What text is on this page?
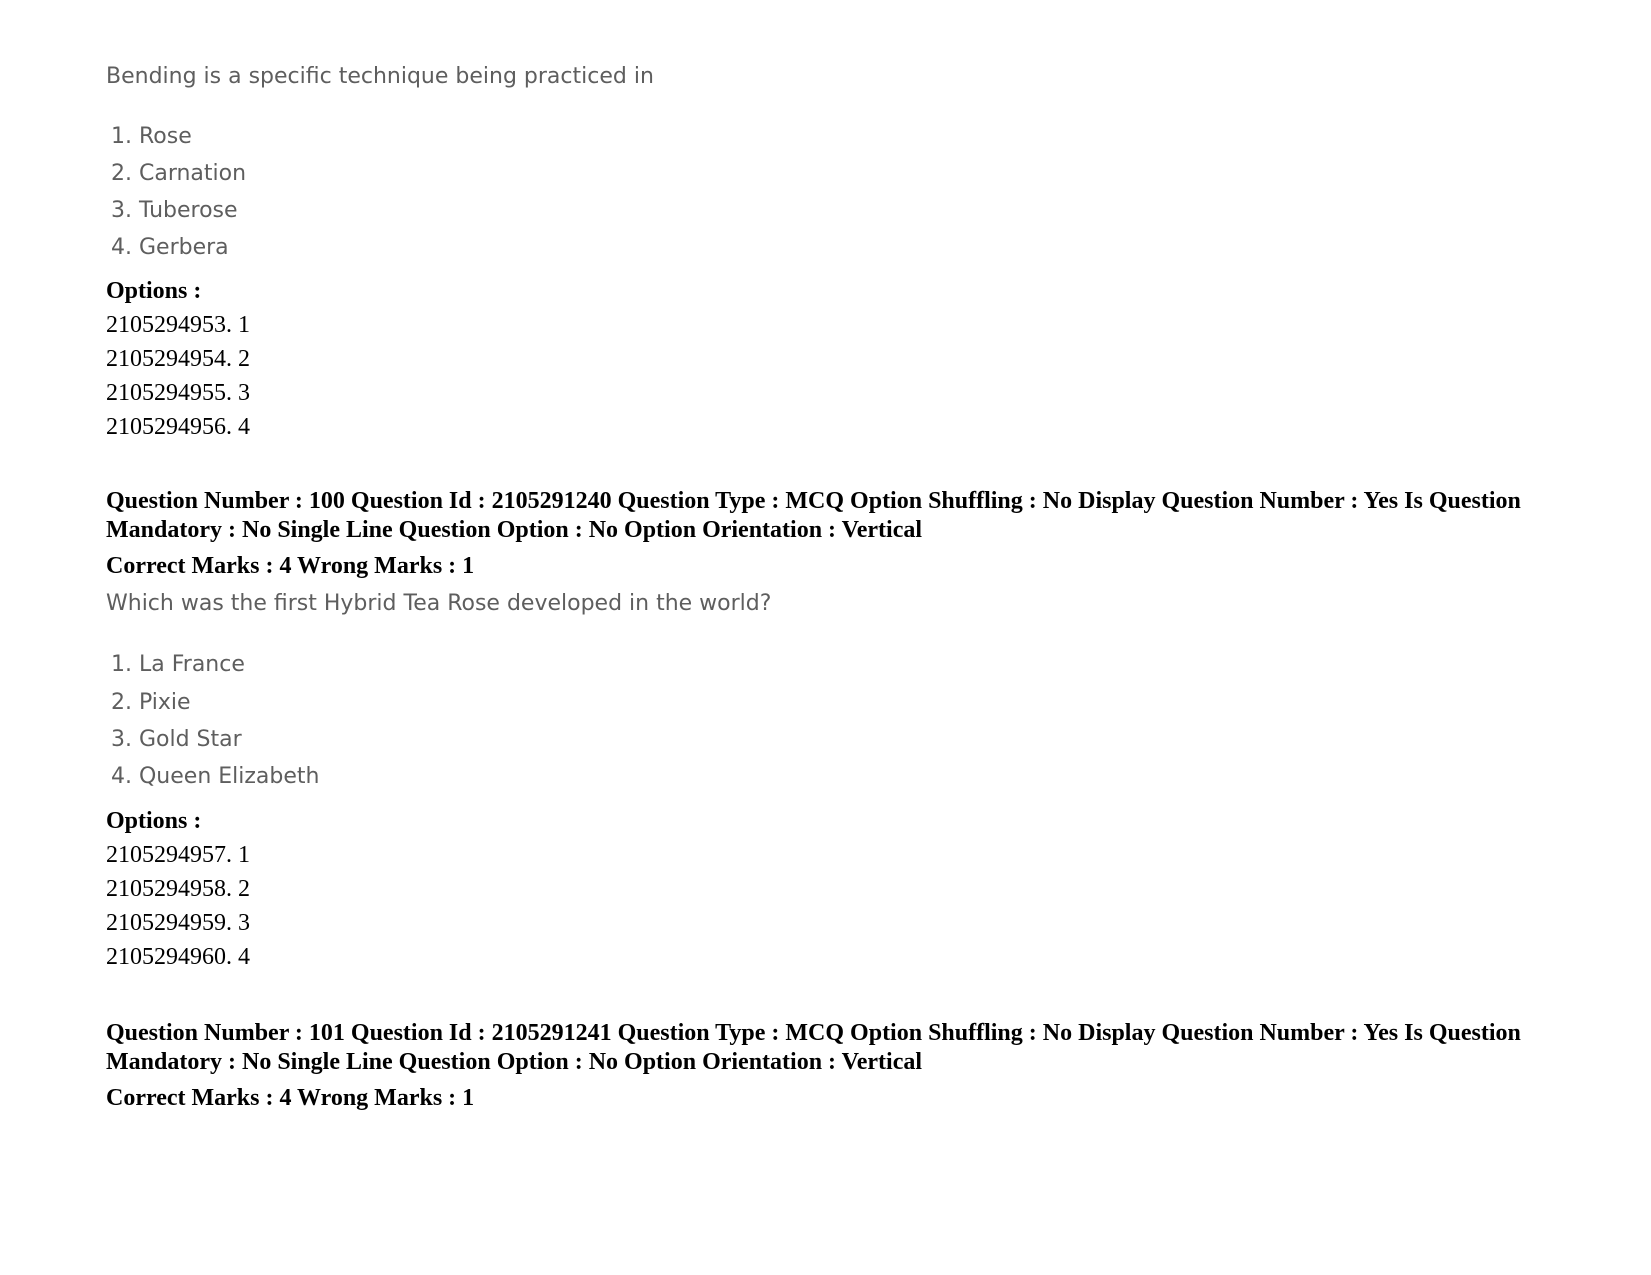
Bending is a specific technique being practiced in
1. Rose
2. Carnation
3. Tuberose
4. Gerbera
Options :
2105294953. 1
2105294954. 2
2105294955. 3
2105294956. 4
Question Number : 100 Question Id : 2105291240 Question Type : MCQ Option Shuffling : No Display Question Number : Yes Is Question Mandatory : No Single Line Question Option : No Option Orientation : Vertical
Correct Marks : 4 Wrong Marks : 1
Which was the first Hybrid Tea Rose developed in the world?
1. La France
2. Pixie
3. Gold Star
4. Queen Elizabeth
Options :
2105294957. 1
2105294958. 2
2105294959. 3
2105294960. 4
Question Number : 101 Question Id : 2105291241 Question Type : MCQ Option Shuffling : No Display Question Number : Yes Is Question Mandatory : No Single Line Question Option : No Option Orientation : Vertical
Correct Marks : 4 Wrong Marks : 1
